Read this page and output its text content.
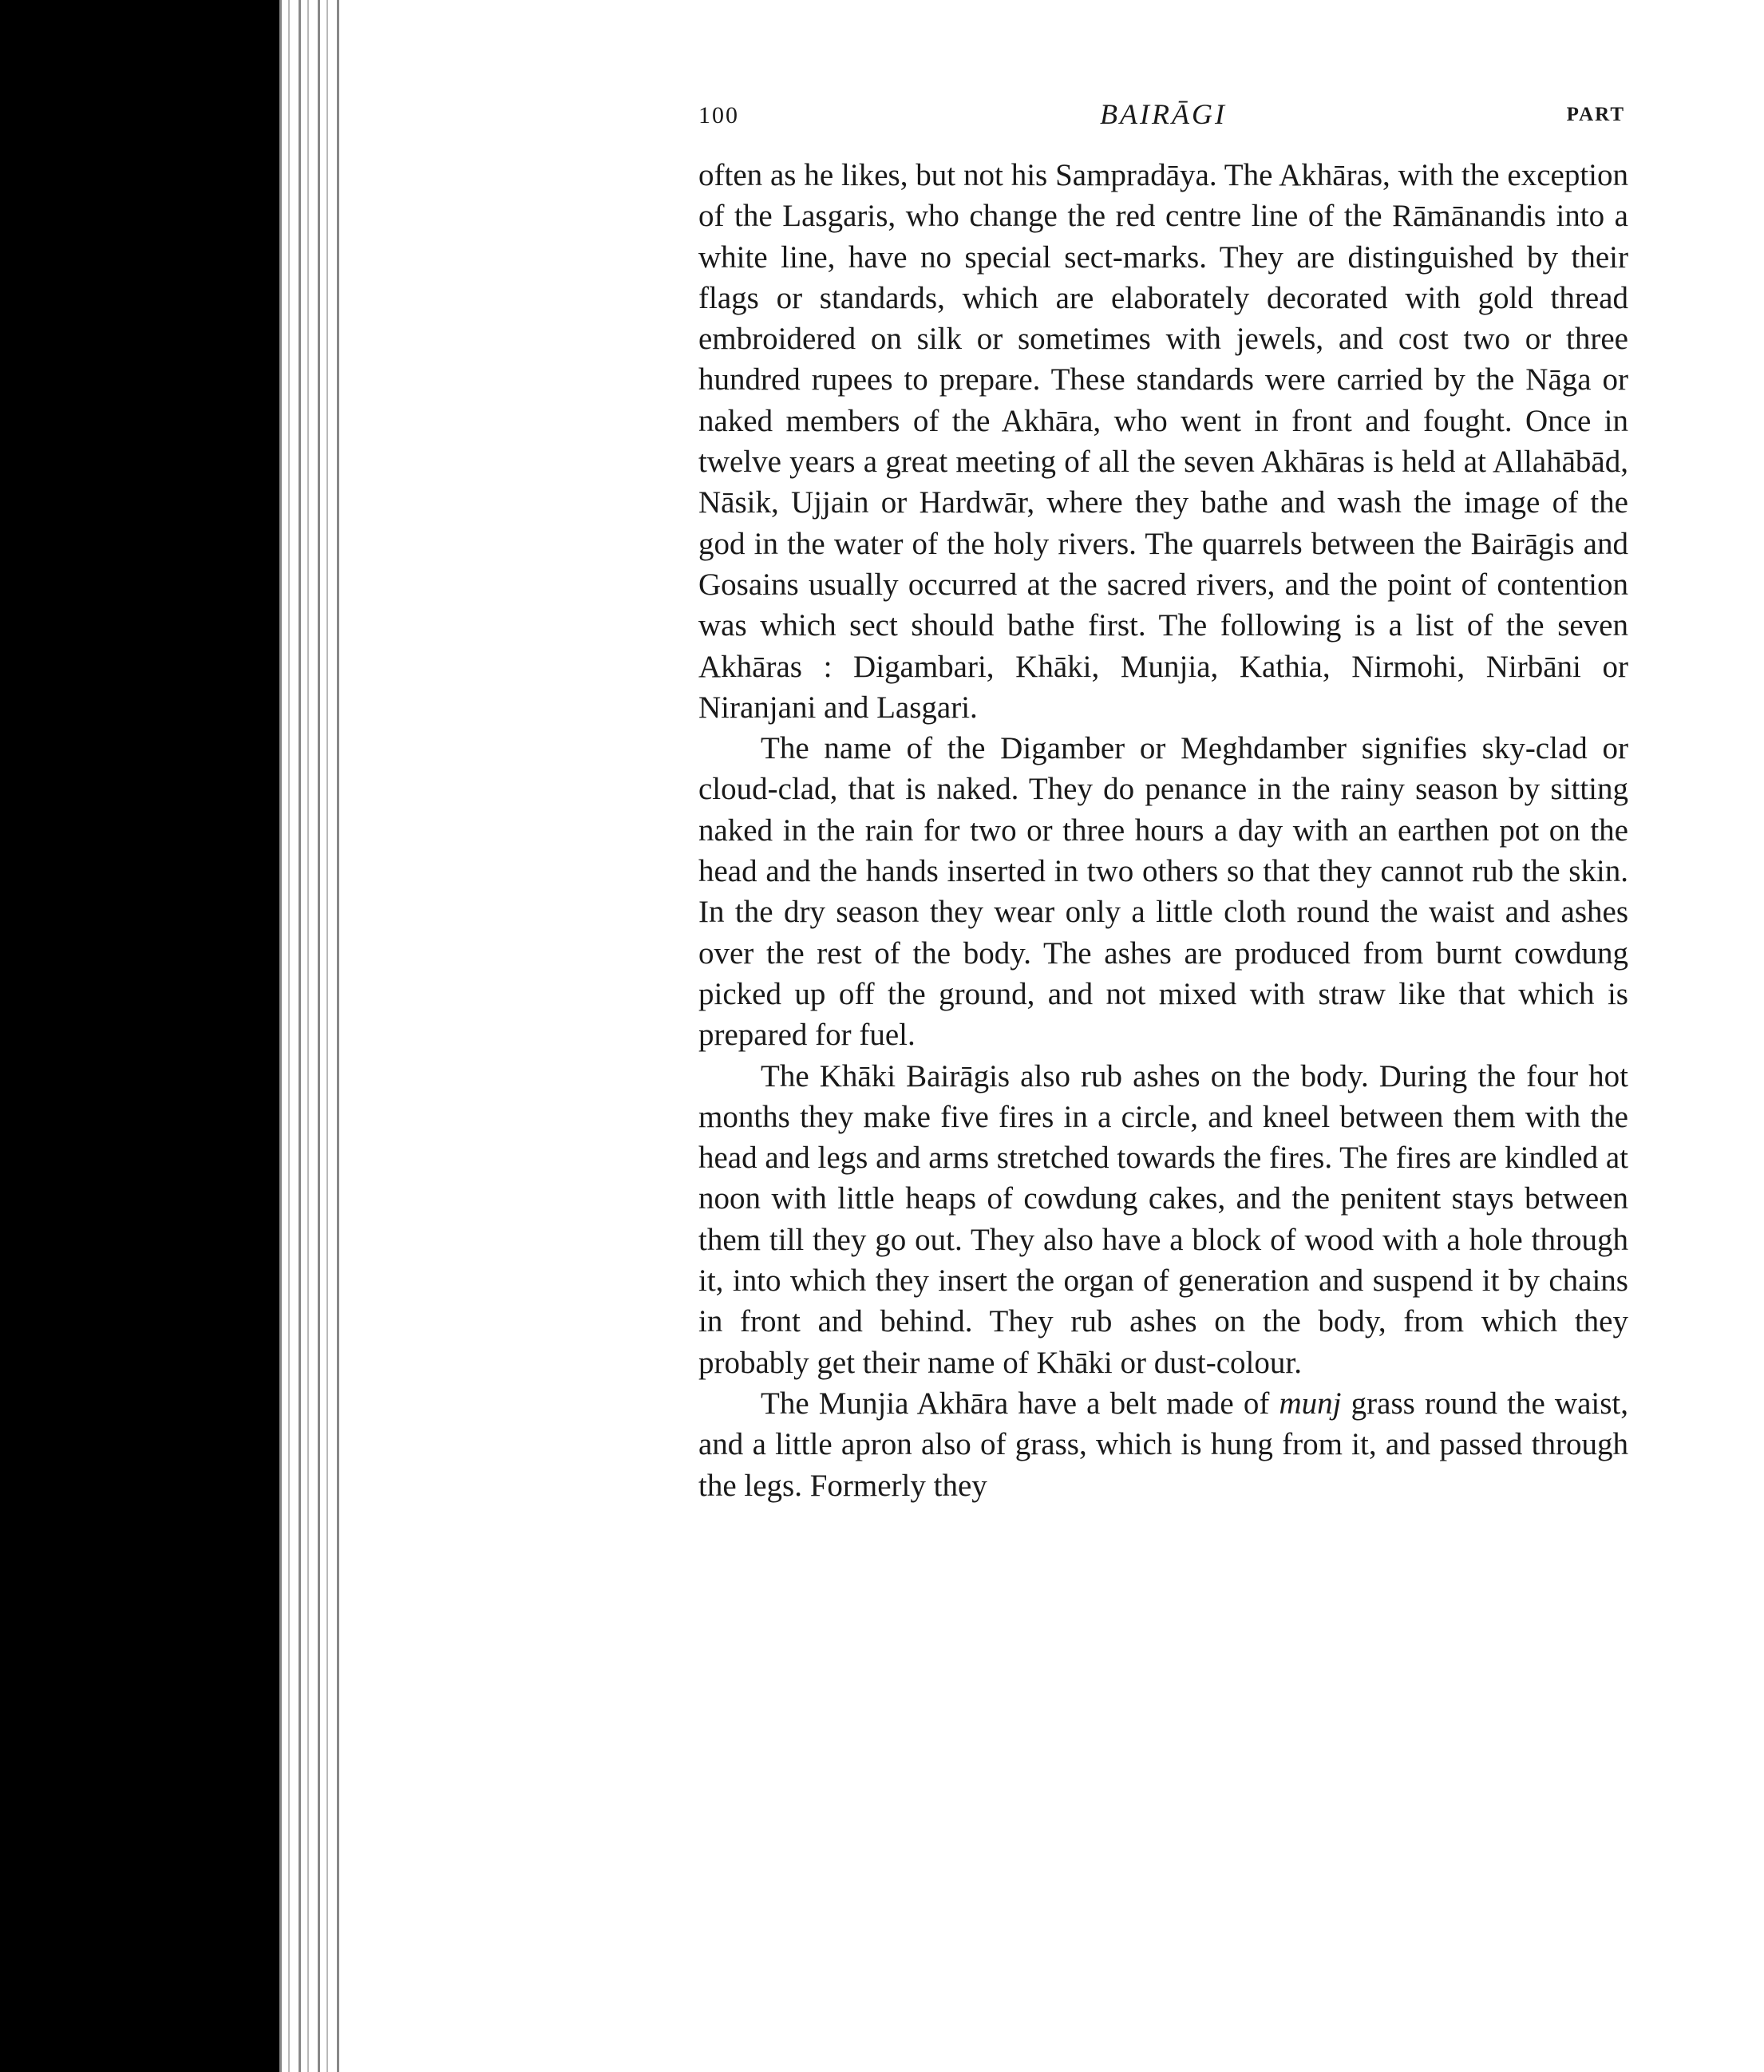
100	BAIRĀGI	PART

often as he likes, but not his Sampradāya. The Akhāras, with the exception of the Lasgaris, who change the red centre line of the Rāmānandis into a white line, have no special sect-marks. They are distinguished by their flags or standards, which are elaborately decorated with gold thread embroidered on silk or sometimes with jewels, and cost two or three hundred rupees to prepare. These standards were carried by the Nāga or naked members of the Akhāra, who went in front and fought. Once in twelve years a great meeting of all the seven Akhāras is held at Allahābād, Nāsik, Ujjain or Hardwār, where they bathe and wash the image of the god in the water of the holy rivers. The quarrels between the Bairāgis and Gosains usually occurred at the sacred rivers, and the point of contention was which sect should bathe first. The following is a list of the seven Akhāras : Digambari, Khāki, Munjia, Kathia, Nirmohi, Nirbāni or Niranjani and Lasgari.

The name of the Digamber or Meghdamber signifies sky-clad or cloud-clad, that is naked. They do penance in the rainy season by sitting naked in the rain for two or three hours a day with an earthen pot on the head and the hands inserted in two others so that they cannot rub the skin. In the dry season they wear only a little cloth round the waist and ashes over the rest of the body. The ashes are produced from burnt cowdung picked up off the ground, and not mixed with straw like that which is prepared for fuel.

The Khāki Bairāgis also rub ashes on the body. During the four hot months they make five fires in a circle, and kneel between them with the head and legs and arms stretched towards the fires. The fires are kindled at noon with little heaps of cowdung cakes, and the penitent stays between them till they go out. They also have a block of wood with a hole through it, into which they insert the organ of generation and suspend it by chains in front and behind. They rub ashes on the body, from which they probably get their name of Khāki or dust-colour.

The Munjia Akhāra have a belt made of munj grass round the waist, and a little apron also of grass, which is hung from it, and passed through the legs. Formerly they
